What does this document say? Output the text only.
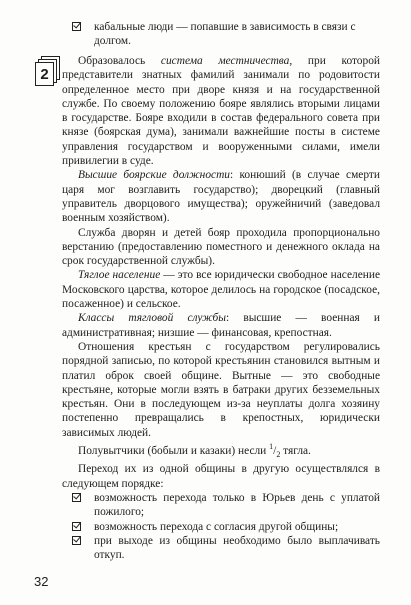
кабальные люди — попавшие в зависимость в связи с
долгом.
2

Образовалось система местничества, при которой представители знатных фамилий занимали по родовитости определенное место при дворе князя и на государственной службе. По своему положению бояре являлись вторыми лицами в государстве. Бояре входили в состав федерального совета при князе (боярская дума), занимали важнейшие посты в системе управления государством и вооруженными силами, имели привилегии в суде.

Высшие боярские должности: конюший (в случае смерти царя мог возглавить государство); дворецкий (главный управитель дворцового имущества); оружейничий (заведовал военным хозяйством).

Служба дворян и детей бояр проходила пропорционально верстанию (предоставлению поместного и денежного оклада на срок государственной службы).

Тяглое население — это все юридически свободное население Московского царства, которое делилось на городское (посадское, посаженное) и сельское.

Классы тягловой службы: высшие — военная и административная; низшие — финансовая, крепостная.

Отношения крестьян с государством регулировались порядной записью, по которой крестьянин становился вытным и платил оброк своей общине. Вытные — это свободные крестьяне, которые могли взять в батраки других безземельных крестьян. Они в последующем из-за неуплаты долга хозяину постепенно превращались в крепостных, юридически зависимых людей.

Полувытчики (бобыли и казаки) несли $^1/_2$ тягла.

Переход их из одной общины в другую осуществлялся в следующем порядке:

возможность перехода только в Юрьев день с уплатой пожилого;
возможность перехода с согласия другой общины;
при выходе из общины необходимо было выплачивать откуп.
32
